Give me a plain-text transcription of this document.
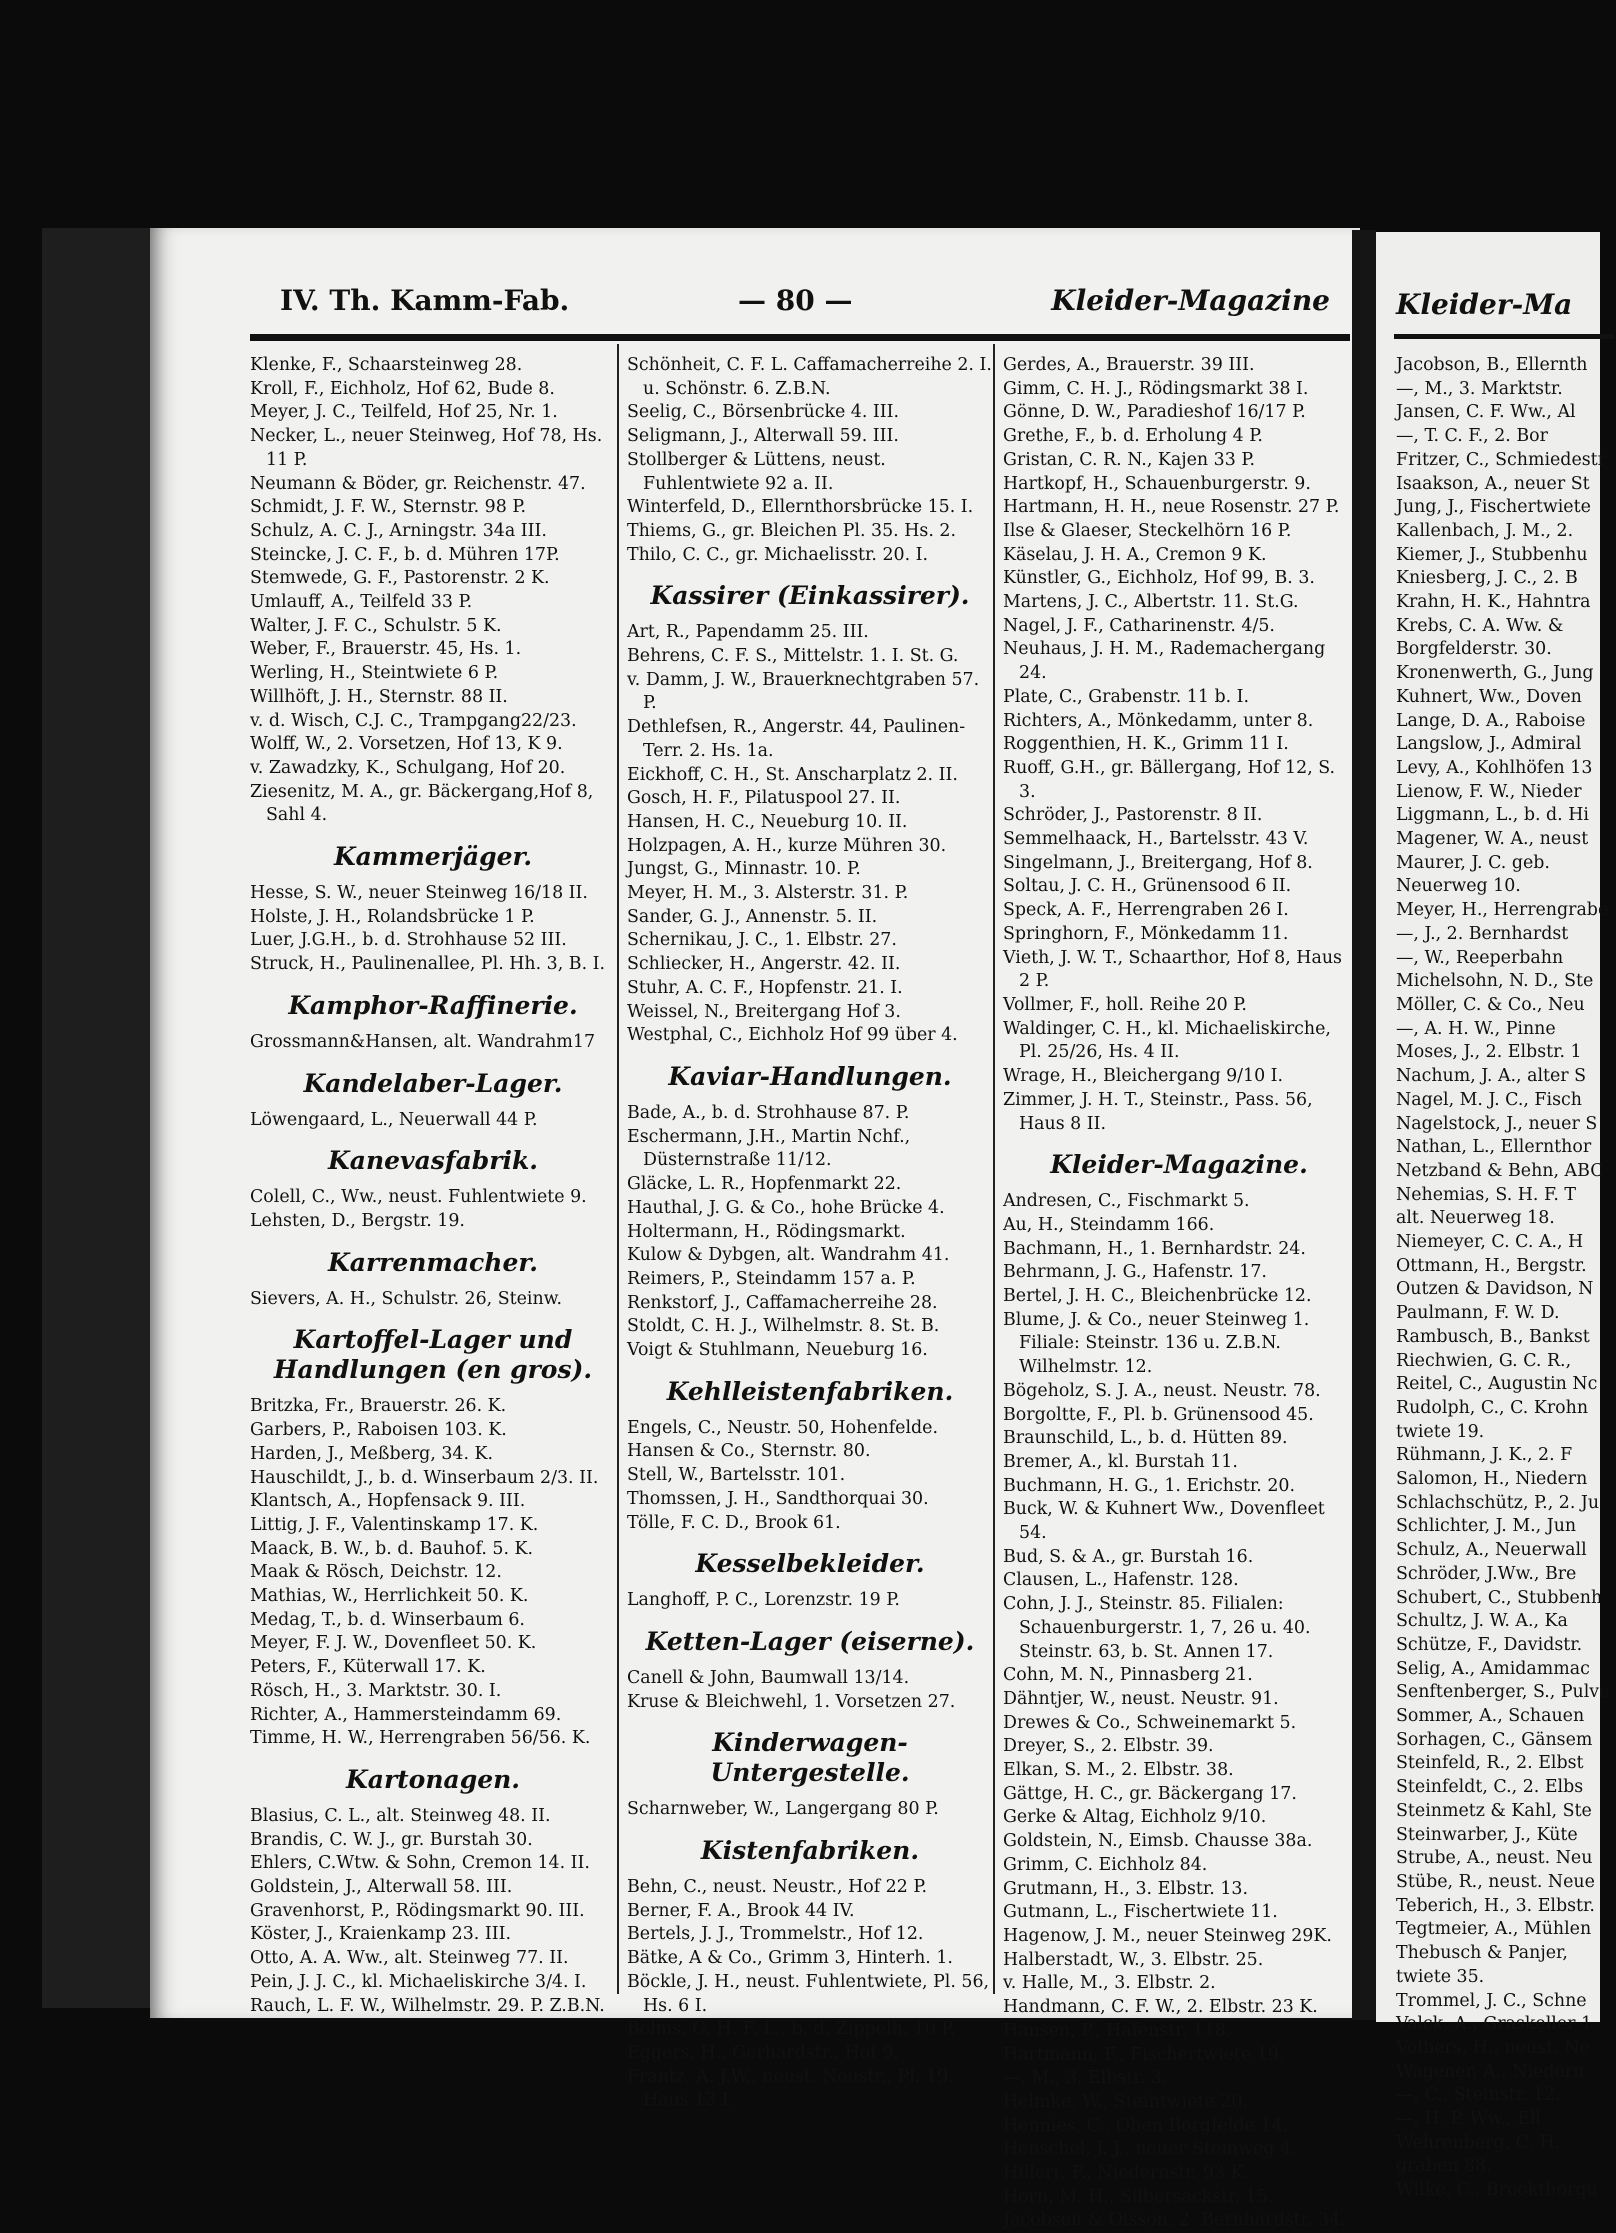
IV. Th. Kamm-Fab.	— 80 —	Kleider-Magazine
Klenke, F., Schaarsteinweg 28.
Kroll, F., Eichholz, Hof 62, Bude 8.
Meyer, J. C., Teilfeld, Hof 25, Nr. 1.
Necker, L., neuer Steinweg, Hof 78, Hs. 11 P.
Neumann & Böder, gr. Reichenstr. 47.
Schmidt, J. F. W., Sternstr. 98 P.
Schulz, A. C. J., Arningstr. 34a III.
Steincke, J. C. F., b. d. Mühren 17P.
Stemwede, G. F., Pastorenstr. 2 K.
Umlauff, A., Teilfeld 33 P.
Walter, J. F. C., Schulstr. 5 K.
Weber, F., Brauerstr. 45, Hs. 1.
Werling, H., Steintwiete 6 P.
Willhöft, J. H., Sternstr. 88 II.
v. d. Wisch, C.J. C., Trampgang22/23.
Wolff, W., 2. Vorsetzen, Hof 13, K 9.
v. Zawadzky, K., Schulgang, Hof 20.
Ziesenitz, M. A., gr. Bäckergang,Hof 8, Sahl 4.
Kammerjäger.
Hesse, S. W., neuer Steinweg 16/18 II.
Holste, J. H., Rolandsbrücke 1 P.
Luer, J.G.H., b. d. Strohhause 52 III.
Struck, H., Paulinenallee, Pl. Hh. 3, B. I.
Kamphor-Raffinerie.
Grossmann&Hansen, alt. Wandrahm17
Kandelaber-Lager.
Löwengaard, L., Neuerwall 44 P.
Kanevasfabrik.
Colell, C., Ww., neust. Fuhlentwiete 9.
Lehsten, D., Bergstr. 19.
Karrenmacher.
Sievers, A. H., Schulstr. 26, Steinw.
Kartoffel-Lager und Handlungen (en gros).
Britzka, Fr., Brauerstr. 26. K.
Garbers, P., Raboisen 103. K.
Harden, J., Meßberg, 34. K.
Hauschildt, J., b. d. Winserbaum 2/3. II.
Klantsch, A., Hopfensack 9. III.
Littig, J. F., Valentinskamp 17. K.
Maack, B. W., b. d. Bauhof. 5. K.
Maak & Rösch, Deichstr. 12.
Mathias, W., Herrlichkeit 50. K.
Medag, T., b. d. Winserbaum 6.
Meyer, F. J. W., Dovenfleet 50. K.
Peters, F., Küterwall 17. K.
Rösch, H., 3. Marktstr. 30. I.
Richter, A., Hammersteindamm 69.
Timme, H. W., Herrengraben 56/56. K.
Kartonagen.
Blasius, C. L., alt. Steinweg 48. II.
Brandis, C. W. J., gr. Burstah 30.
Ehlers, C.Wtw. & Sohn, Cremon 14. II.
Goldstein, J., Alterwall 58. III.
Gravenhorst, P., Rödingsmarkt 90. III.
Köster, J., Kraienkamp 23. III.
Otto, A. A. Ww., alt. Steinweg 77. II.
Pein, J. J. C., kl. Michaeliskirche 3/4. I.
Rauch, L. F. W., Wilhelmstr. 29. P. Z.B.N.
Schönheit, C. F. L. Caffamacherreihe 2. I. u. Schönstr. 6. Z.B.N.
Seelig, C., Börsenbrücke 4. III.
Seligmann, J., Alterwall 59. III.
Stollberger & Lüttens, neust. Fuhlentwiete 92 a. II.
Winterfeld, D., Ellernthorsbrücke 15. I.
Thiems, G., gr. Bleichen Pl. 35. Hs. 2.
Thilo, C. C., gr. Michaelisstr. 20. I.
Kassirer (Einkassirer).
Art, R., Papendamm 25. III.
Behrens, C. F. S., Mittelstr. 1. I. St. G.
v. Damm, J. W., Brauerknechtgraben 57. P.
Dethlefsen, R., Angerstr. 44, Paulinen-Terr. 2. Hs. 1a.
Eickhoff, C. H., St. Anscharplatz 2. II.
Gosch, H. F., Pilatuspool 27. II.
Hansen, H. C., Neueburg 10. II.
Holzpagen, A. H., kurze Mühren 30.
Jungst, G., Minnastr. 10. P.
Meyer, H. M., 3. Alsterstr. 31. P.
Sander, G. J., Annenstr. 5. II.
Schernikau, J. C., 1. Elbstr. 27.
Schliecker, H., Angerstr. 42. II.
Stuhr, A. C. F., Hopfenstr. 21. I.
Weissel, N., Breitergang Hof 3.
Westphal, C., Eichholz Hof 99 über 4.
Kaviar-Handlungen.
Bade, A., b. d. Strohhause 87. P.
Eschermann, J.H., Martin Nchf., Düsternstraße 11/12.
Gläcke, L. R., Hopfenmarkt 22.
Hauthal, J. G. & Co., hohe Brücke 4.
Holtermann, H., Rödingsmarkt.
Kulow & Dybgen, alt. Wandrahm 41.
Reimers, P., Steindamm 157 a. P.
Renkstorf, J., Caffamacherreihe 28.
Stoldt, C. H. J., Wilhelmstr. 8. St. B.
Voigt & Stuhlmann, Neueburg 16.
Kehlleistenfabriken.
Engels, C., Neustr. 50, Hohenfelde.
Hansen & Co., Sternstr. 80.
Stell, W., Bartelsstr. 101.
Thomssen, J. H., Sandthorquai 30.
Tölle, F. C. D., Brook 61.
Kesselbekleider.
Langhoff, P. C., Lorenzstr. 19 P.
Ketten-Lager (eiserne).
Canell & John, Baumwall 13/14.
Kruse & Bleichwehl, 1. Vorsetzen 27.
Kinderwagen-Untergestelle.
Scharnweber, W., Langergang 80 P.
Kistenfabriken.
Behn, C., neust. Neustr., Hof 22 P.
Berner, F. A., Brook 44 IV.
Bertels, J. J., Trommelstr., Hof 12.
Bätke, A & Co., Grimm 3, Hinterh. 1.
Böckle, J. H., neust. Fuhlentwiete, Pl. 56, Hs. 6 I.
Bolms, G. H. F. L., b. d. Zippelh. 10 P.
Eggers, H., Gerhardstr., Hof 9.
Frantz, A. J.W., neust. Neustr., Pl. 19. Haus 13 I.
Gerdes, A., Brauerstr. 39 III.
Gimm, C. H. J., Rödingsmarkt 38 I.
Gönne, D. W., Paradieshof 16/17 P.
Grethe, F., b. d. Erholung 4 P.
Gristan, C. R. N., Kajen 33 P.
Hartkopf, H., Schauenburgerstr. 9.
Hartmann, H. H., neue Rosenstr. 27 P.
Ilse & Glaeser, Steckelhörn 16 P.
Käselau, J. H. A., Cremon 9 K.
Künstler, G., Eichholz, Hof 99, B. 3.
Martens, J. C., Albertstr. 11. St.G.
Nagel, J. F., Catharinenstr. 4/5.
Neuhaus, J. H. M., Rademachergang 24.
Plate, C., Grabenstr. 11 b. I.
Richters, A., Mönkedamm, unter 8.
Roggenthien, H. K., Grimm 11 I.
Ruoff, G.H., gr. Bällergang, Hof 12, S. 3.
Schröder, J., Pastorenstr. 8 II.
Semmelhaack, H., Bartelsstr. 43 V.
Singelmann, J., Breitergang, Hof 8.
Soltau, J. C. H., Grünensood 6 II.
Speck, A. F., Herrengraben 26 I.
Springhorn, F., Mönkedamm 11.
Vieth, J. W. T., Schaarthor, Hof 8, Haus 2 P.
Vollmer, F., holl. Reihe 20 P.
Waldinger, C. H., kl. Michaeliskirche, Pl. 25/26, Hs. 4 II.
Wrage, H., Bleichergang 9/10 I.
Zimmer, J. H. T., Steinstr., Pass. 56, Haus 8 II.
Kleider-Magazine.
Andresen, C., Fischmarkt 5.
Au, H., Steindamm 166.
Bachmann, H., 1. Bernhardstr. 24.
Behrmann, J. G., Hafenstr. 17.
Bertel, J. H. C., Bleichenbrücke 12.
Blume, J. & Co., neuer Steinweg 1. Filiale: Steinstr. 136 u. Z.B.N. Wilhelmstr. 12.
Bögeholz, S. J. A., neust. Neustr. 78.
Borgoltte, F., Pl. b. Grünensood 45.
Braunschild, L., b. d. Hütten 89.
Bremer, A., kl. Burstah 11.
Buchmann, H. G., 1. Erichstr. 20.
Buck, W. & Kuhnert Ww., Dovenfleet 54.
Bud, S. & A., gr. Burstah 16.
Clausen, L., Hafenstr. 128.
Cohn, J. J., Steinstr. 85. Filialen: Schauenburgerstr. 1, 7, 26 u. 40. Steinstr. 63, b. St. Annen 17.
Cohn, M. N., Pinnasberg 21.
Dähntjer, W., neust. Neustr. 91.
Drewes & Co., Schweinemarkt 5.
Dreyer, S., 2. Elbstr. 39.
Elkan, S. M., 2. Elbstr. 38.
Gättge, H. C., gr. Bäckergang 17.
Gerke & Altag, Eichholz 9/10.
Goldstein, N., Eimsb. Chausse 38a.
Grimm, C. Eichholz 84.
Grutmann, H., 3. Elbstr. 13.
Gutmann, L., Fischertwiete 11.
Hagenow, J. M., neuer Steinweg 29K.
Halberstadt, W., 3. Elbstr. 25.
v. Halle, M., 3. Elbstr. 2.
Handmann, C. F. W., 2. Elbstr. 23 K.
Hansen, P., Hafenstr. 118.
Hartmann, F., Fischertwiete 19.
—, M., 3. Elbstr. 3.
Helmke, W., Steintwiete 20.
Hennies, C., Oben Borgfelde 14.
Henschel, J. J., neuer Steinweg 4.
Hillert, F., Niedernstr. 93 K.
Horn, M. H., Silbersackstr. 15.
Jacobsen & Olsson, 2. Bernhardstr. 34.
Kleider-Ma
Jacobson, B., Ellernth
—, M., 3. Marktstr.
Jansen, C. F. Ww., Al
—, T. C. F., 2. Bor
Fritzer, C., Schmiedestr
Isaakson, A., neuer St
Jung, J., Fischertwiete
Kallenbach, J. M., 2.
Kiemer, J., Stubbenhu
Kniesberg, J. C., 2. B
Krahn, H. K., Hahntra
Krebs, C. A. Ww. &
Borgfelderstr. 30.
Kronenwerth, G., Jung
Kuhnert, Ww., Doven
Lange, D. A., Raboise
Langslow, J., Admiral
Levy, A., Kohlhöfen 13
Lienow, F. W., Nieder
Liggmann, L., b. d. Hi
Magener, W. A., neust
Maurer, J. C. geb.
Neuerweg 10.
Meyer, H., Herrengrabe
—, J., 2. Bernhardst
—, W., Reeperbahn
Michelsohn, N. D., Ste
Möller, C. & Co., Neu
—, A. H. W., Pinne
Moses, J., 2. Elbstr. 1
Nachum, J. A., alter S
Nagel, M. J. C., Fisch
Nagelstock, J., neuer S
Nathan, L., Ellernthor
Netzband & Behn, ABC
Nehemias, S. H. F. T
alt. Neuerweg 18.
Niemeyer, C. C. A., H
Ottmann, H., Bergstr.
Outzen & Davidson, N
Paulmann, F. W. D.
Rambusch, B., Bankst
Riechwien, G. C. R.,
Reitel, C., Augustin Nc
Rudolph, C., C. Krohn
twiete 19.
Rühmann, J. K., 2. F
Salomon, H., Niedern
Schlachschütz, P., 2. Ju
Schlichter, J. M., Jun
Schulz, A., Neuerwall
Schröder, J.Ww., Bre
Schubert, C., Stubbenh
Schultz, J. W. A., Ka
Schütze, F., Davidstr.
Selig, A., Amidammac
Senftenberger, S., Pulve
Sommer, A., Schauen
Sorhagen, C., Gänsem
Steinfeld, R., 2. Elbst
Steinfeldt, C., 2. Elbs
Steinmetz & Kahl, Ste
Steinwarber, J., Küte
Strube, A., neust. Neu
Stübe, R., neust. Neue
Teberich, H., 3. Elbstr.
Tegtmeier, A., Mühlen
Thebusch & Panjer,
twiete 35.
Trommel, J. C., Schne
Valck, A., Graskeller 1
Volbers, H., neust. Ne
Wagener, A., Niedern
—, C., Steinstr. 12.
—, H. P. Ww., Ell
Wehrenberg, C. H.
graben 88.
Wilke, C., Brookthorqu
